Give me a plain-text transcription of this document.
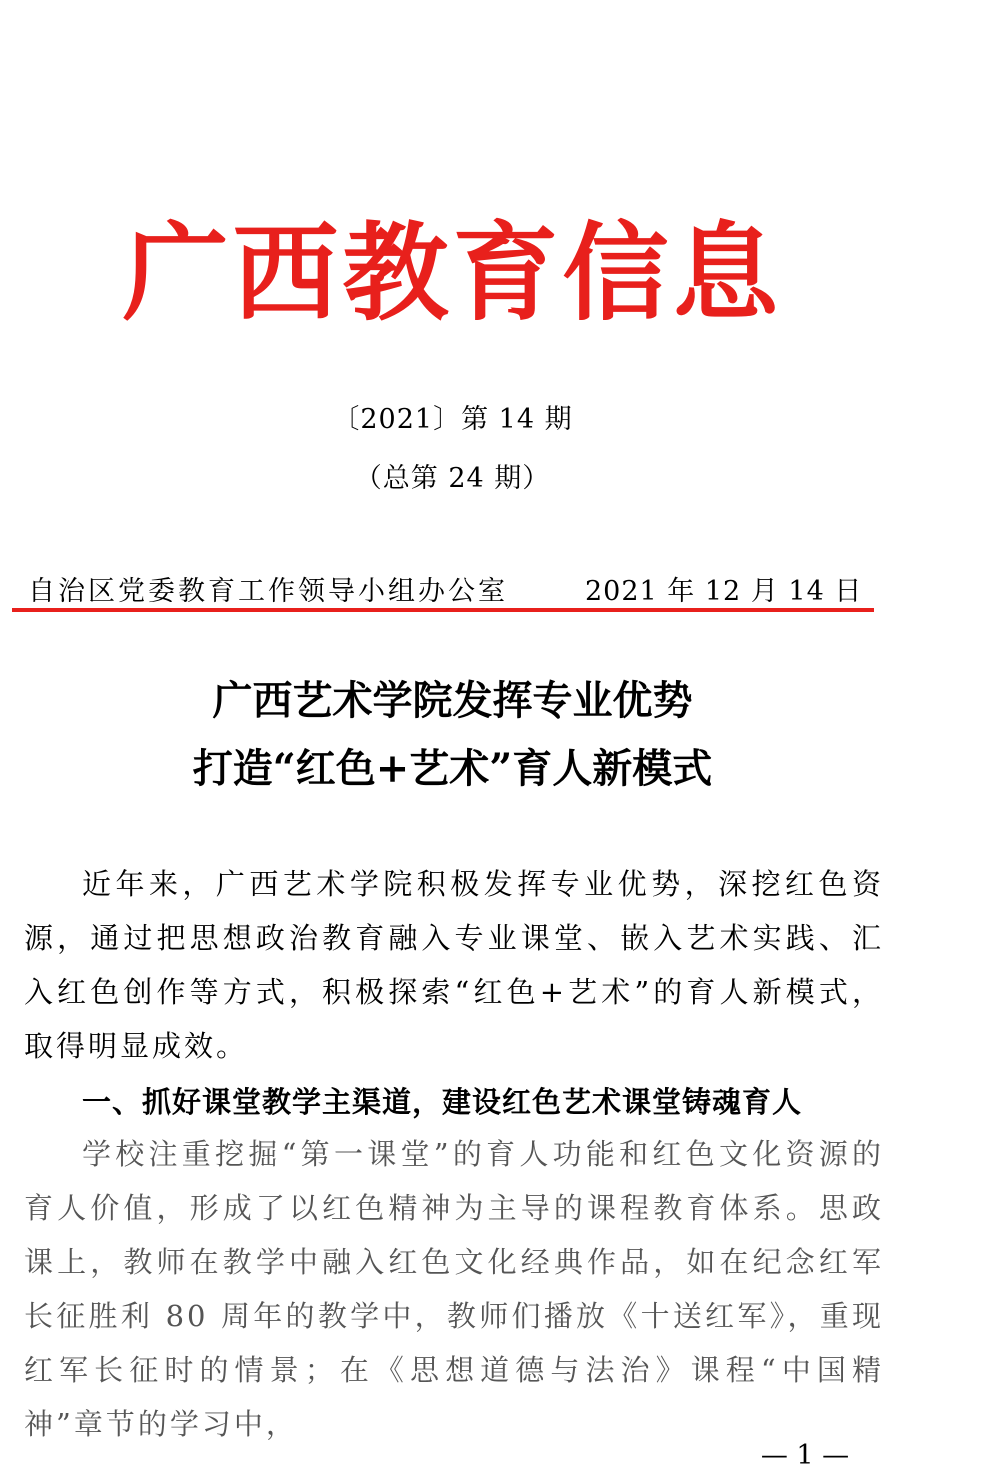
广西教育信息
〔2021〕第 14 期
（总第 24 期）
自治区党委教育工作领导小组办公室	2021 年 12 月 14 日
广西艺术学院发挥专业优势
打造“红色+艺术”育人新模式

近年来，广西艺术学院积极发挥专业优势，深挖红色资源，通过把思想政治教育融入专业课堂、嵌入艺术实践、汇入红色创作等方式，积极探索“红色+艺术”的育人新模式，取得明显成效。

一、抓好课堂教学主渠道，建设红色艺术课堂铸魂育人

学校注重挖掘“第一课堂”的育人功能和红色文化资源的育人价值，形成了以红色精神为主导的课程教育体系。思政课上，教师在教学中融入红色文化经典作品，如在纪念红军长征胜利 80 周年的教学中，教师们播放《十送红军》，重现红军长征时的情景；在《思想道德与法治》课程“中国精神”章节的学习中，

— 1 —
